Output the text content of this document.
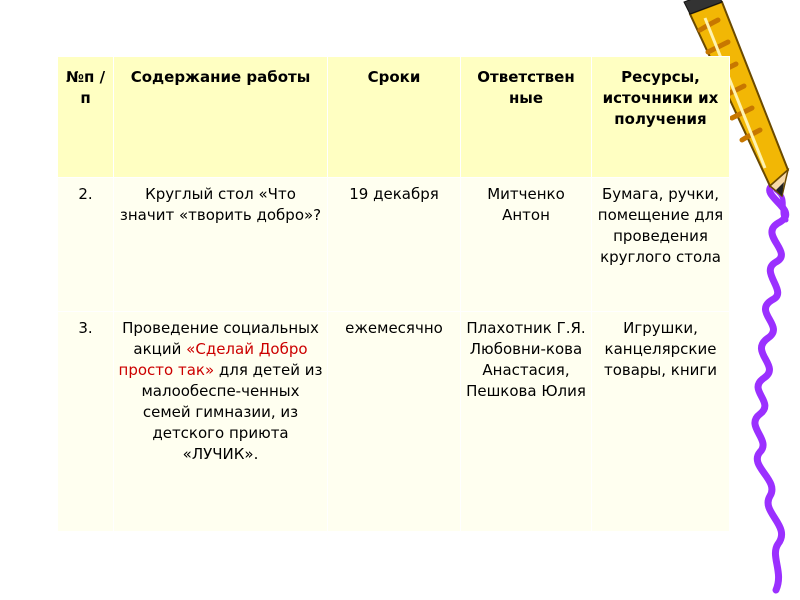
№п /п	Содержание работы	Сроки	Ответствен ные	Ресурсы, источники их получения
2.	Круглый стол «Что значит «творить добро»?	19 декабря	Митченко Антон	Бумага, ручки, помещение для проведения круглого стола
3.	Проведение социальных акций «Сделай Добро просто так» для детей из малообеспе-ченных семей гимназии, из детского приюта «ЛУЧИК».	ежемесячно	Плахотник Г.Я. Любовни-кова Анастасия, Пешкова Юлия	Игрушки, канцелярские товары, книги
